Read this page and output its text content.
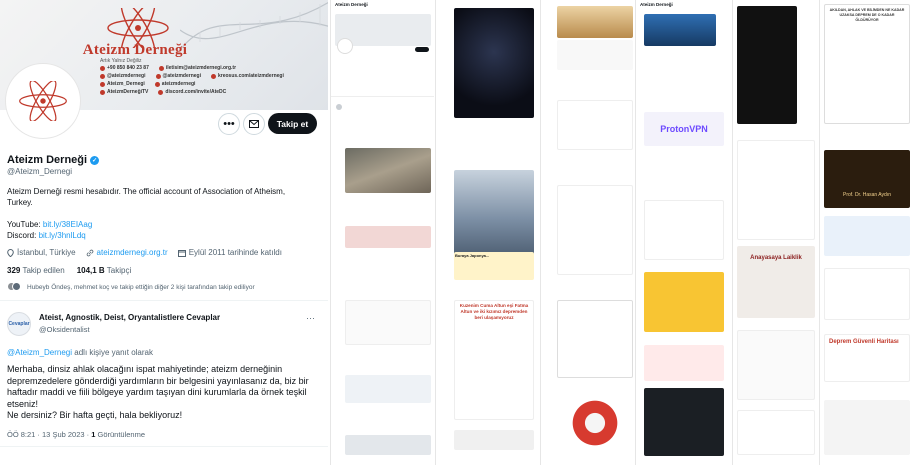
Ateizm Derneği
Artık Yalnız Değiliz
+90 850 840 23 87	iletisim@ateizmdernegi.org.tr
@ateizmdernegi	@ateizmdernegi	kreosus.com/ateizmdernegi
Ateizm_Dernegi	ateizmdernegi
AteizmDerneğiTV	discord.com/invite/AteDC
•••	Takip et
Ateizm Derneği ✓
@Ateizm_Dernegi
Ateizm Derneği resmi hesabıdır. The official account of Association of Atheism, Turkey.
YouTube: bit.ly/38EIAag
Discord: bit.ly/3hnlLdq
İstanbul, Türkiye	ateizmdernegi.org.tr	Eylül 2011 tarihinde katıldı
329 Takip edilen 104,1 B Takipçi
Hubeyb Öndeş, mehmet koç ve takip ettiğin diğer 2 kişi tarafından takip ediliyor
Cevaplar
Ateist, Agnostik, Deist, Oryantalistlere Cevaplar
@Oksidentalist
···
@Ateizm_Dernegi adlı kişiye yanıt olarak
Merhaba, dinsiz ahlak olacağını ispat mahiyetinde; ateizm derneğinin depremzedelere gönderdiği yardımların bir belgesini yayınlasanız da, biz bir haftadır maddi ve fiili bölgeye yardım taşıyan dini kurumlarla da örnek teşkil etseniz!
Ne dersiniz? Bir hafta geçti, hala bekliyoruz!
ÖÖ 8:21 · 13 Şub 2023 · 1 Görüntülenme
Ateizm Derneği
Buraya Japonya...
Kuzenim Cuma Altun eşi Fatma Altun ve iki kızımız depremden beri ulaşamıyoruz
Ateizm Derneği
ProtonVPN
Anayasaya Laiklik
AKILDAN, AHLAK VE BİLİMDEN NE KADAR UZAKSA DEPREM DE O KADAR ÖLDÜRÜYOR
Prof. Dr. Hasan Aydın
Deprem Güvenli Haritası
